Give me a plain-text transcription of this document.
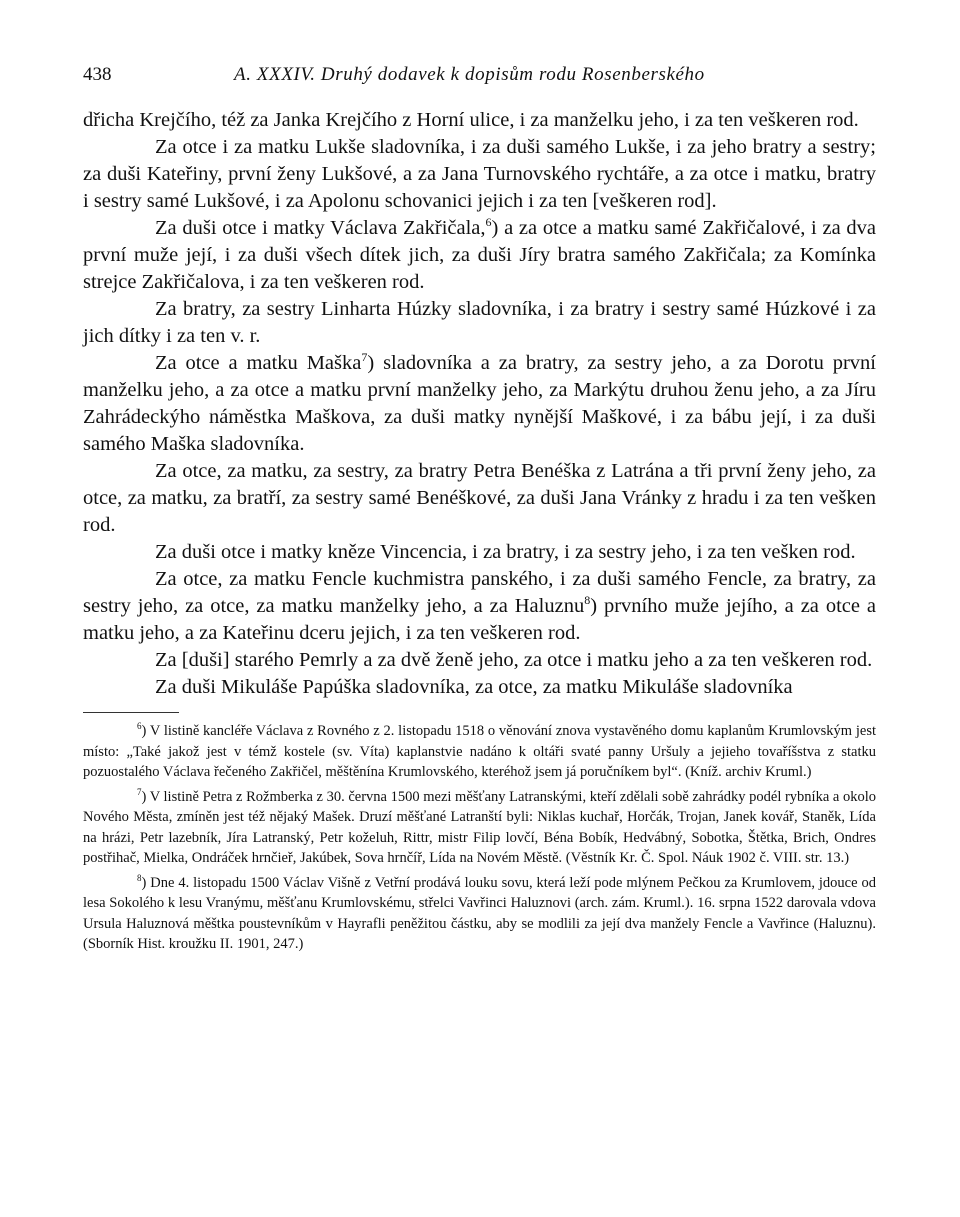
438	A. XXXIV. Druhý dodavek k dopisům rodu Rosenberského

dřicha Krejčího, též za Janka Krejčího z Horní ulice, i za manželku jeho, i za ten veškeren rod.

Za otce i za matku Lukše sladovníka, i za duši samého Lukše, i za jeho bratry a sestry; za duši Kateřiny, první ženy Lukšové, a za Jana Turnovského rychtáře, a za otce i matku, bratry i sestry samé Lukšové, i za Apolonu schovanici jejich i za ten [veškeren rod].

Za duši otce i matky Václava Zakřičala,$^6$) a za otce a matku samé Zakřičalové, i za dva první muže její, i za duši všech dítek jich, za duši Jíry bratra samého Zakřičala; za Komínka strejce Zakřičalova, i za ten veškeren rod.

Za bratry, za sestry Linharta Húzky sladovníka, i za bratry i sestry samé Húzkové i za jich dítky i za ten v. r.

Za otce a matku Maška$^7$) sladovníka a za bratry, za sestry jeho, a za Dorotu první manželku jeho, a za otce a matku první manželky jeho, za Markýtu druhou ženu jeho, a za Jíru Zahrádeckýho náměstka Maškova, za duši matky nynější Maškové, i za bábu její, i za duši samého Maška sladovníka.

Za otce, za matku, za sestry, za bratry Petra Benéška z Latrána a tři první ženy jeho, za otce, za matku, za bratří, za sestry samé Benéškové, za duši Jana Vránky z hradu i za ten vešken rod.

Za duši otce i matky kněze Vincencia, i za bratry, i za sestry jeho, i za ten vešken rod.

Za otce, za matku Fencle kuchmistra panského, i za duši samého Fencle, za bratry, za sestry jeho, za otce, za matku manželky jeho, a za Haluznu$^8$) prvního muže jejího, a za otce a matku jeho, a za Kateřinu dceru jejich, i za ten veškeren rod.

Za [duši] starého Pemrly a za dvě ženě jeho, za otce i matku jeho a za ten veškeren rod.

Za duši Mikuláše Papúška sladovníka, za otce, za matku Mikuláše sladovníka

$^6$) V listině kancléře Václava z Rovného z 2. listopadu 1518 o věnování znova vystavěného domu kaplanům Krumlovským jest místo: „Také jakož jest v témž kostele (sv. Víta) kaplanstvie nadáno k oltáři svaté panny Uršuly a jejieho tovaříšstva z statku pozuostalého Václava řečeného Zakřičel, měštěnína Krumlovského, kteréhož jsem já poručníkem byl“. (Kníž. archiv Kruml.)

$^7$) V listině Petra z Rožmberka z 30. června 1500 mezi měšťany Latranskými, kteří zdělali sobě zahrádky podél rybníka a okolo Nového Města, zmíněn jest též nějaký Mašek. Druzí měšťané Latranští byli: Niklas kuchař, Horčák, Trojan, Janek kovář, Staněk, Lída na hrázi, Petr lazebník, Jíra Latranský, Petr koželuh, Rittr, mistr Filip lovčí, Béna Bobík, Hedvábný, Sobotka, Štětka, Brich, Ondres postřihač, Mielka, Ondráček hrnčieř, Jakúbek, Sova hrnčíř, Lída na Novém Městě. (Věstník Kr. Č. Spol. Náuk 1902 č. VIII. str. 13.)

$^8$) Dne 4. listopadu 1500 Václav Višně z Vetřní prodává louku sovu, která leží pode mlýnem Pečkou za Krumlovem, jdouce od lesa Sokolého k lesu Vranýmu, měšťanu Krumlovskému, střelci Vavřinci Haluznovi (arch. zám. Kruml.). 16. srpna 1522 darovala vdova Ursula Haluznová měštka poustevníkům v Hayrafli peněžitou částku, aby se modlili za její dva manžely Fencle a Vavřince (Haluznu). (Sborník Hist. kroužku II. 1901, 247.)
